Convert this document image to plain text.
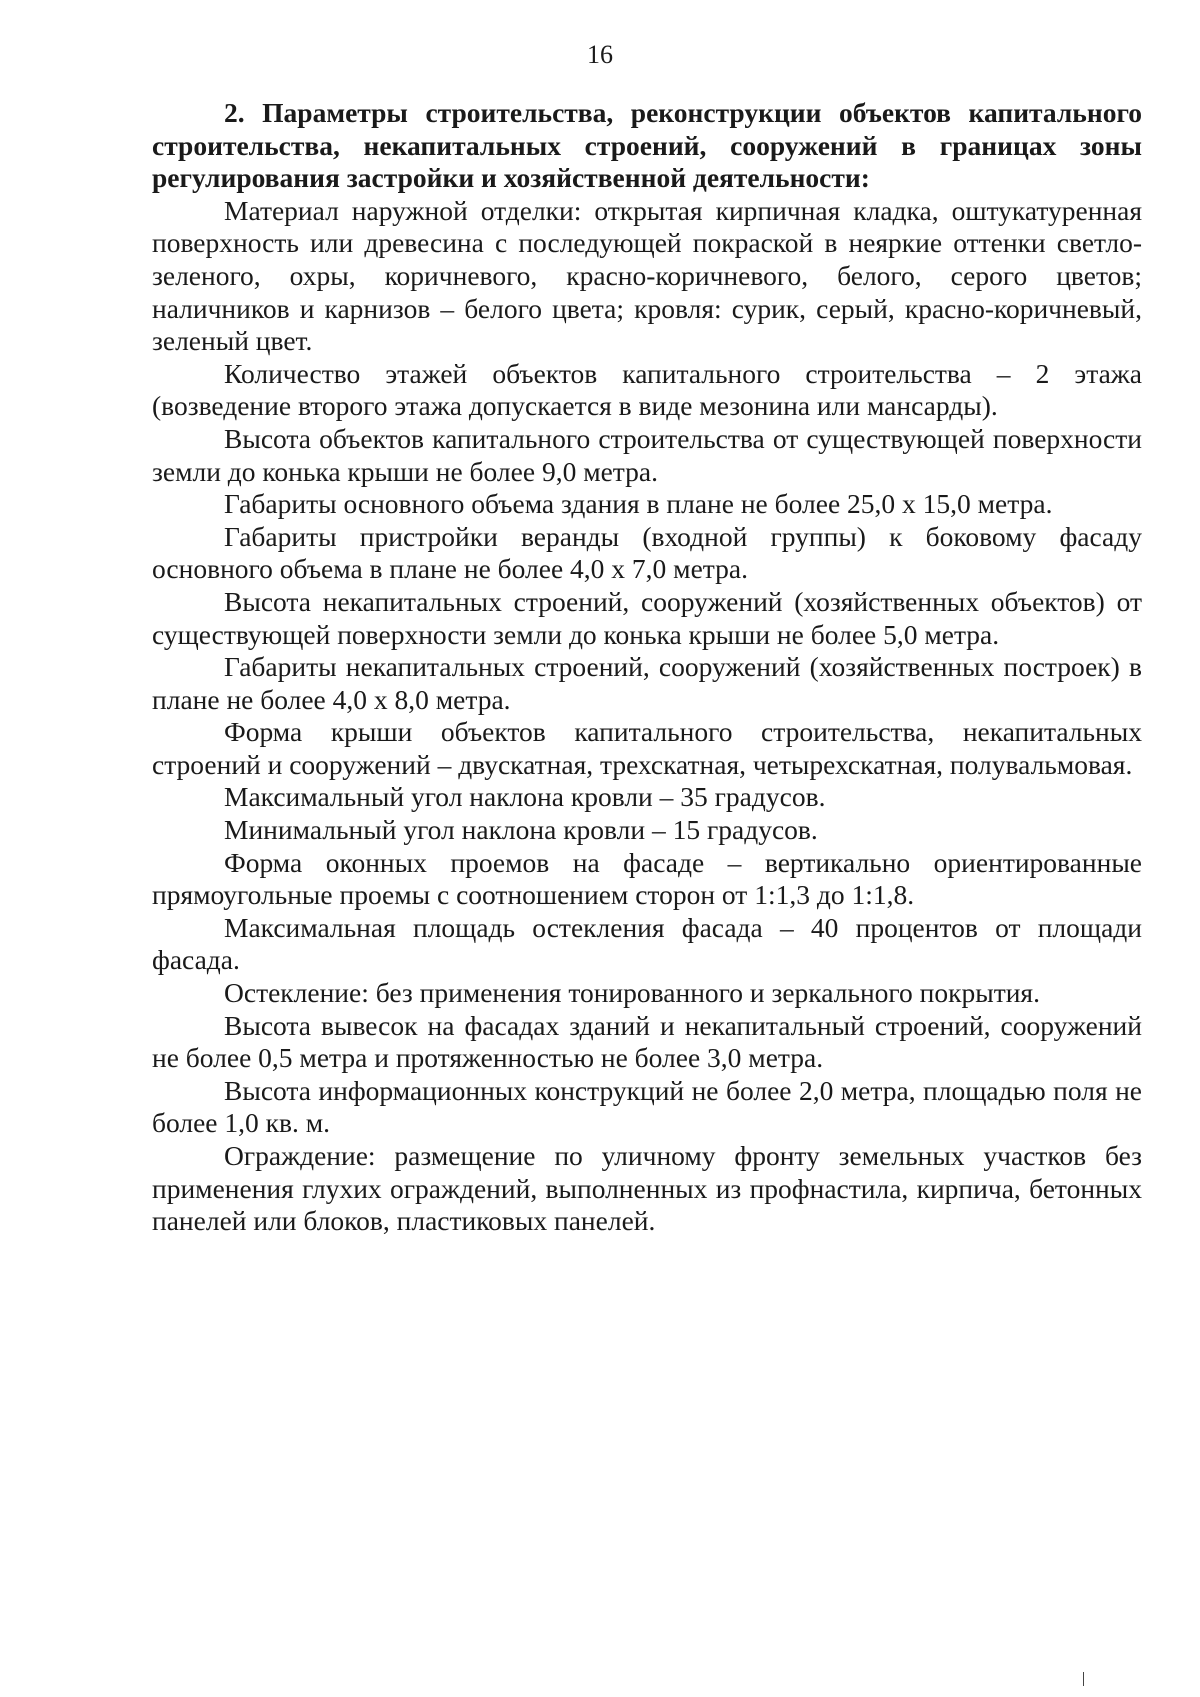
16

2. Параметры строительства, реконструкции объектов капитального строительства, некапитальных строений, сооружений в границах зоны регулирования застройки и хозяйственной деятельности:

Материал наружной отделки: открытая кирпичная кладка, оштукатуренная поверхность или древесина с последующей покраской в неяркие оттенки светло-зеленого, охры, коричневого, красно-коричневого, белого, серого цветов; наличников и карнизов – белого цвета; кровля: сурик, серый, красно-коричневый, зеленый цвет.

Количество этажей объектов капитального строительства – 2 этажа (возведение второго этажа допускается в виде мезонина или мансарды).

Высота объектов капитального строительства от существующей поверхности земли до конька крыши не более 9,0 метра.

Габариты основного объема здания в плане не более 25,0 х 15,0 метра.

Габариты пристройки веранды (входной группы) к боковому фасаду основного объема в плане не более 4,0 х 7,0 метра.

Высота некапитальных строений, сооружений (хозяйственных объектов) от существующей поверхности земли до конька крыши не более 5,0 метра.

Габариты некапитальных строений, сооружений (хозяйственных построек) в плане не более 4,0 х 8,0 метра.

Форма крыши объектов капитального строительства, некапитальных строений и сооружений – двускатная, трехскатная, четырехскатная, полувальмовая.

Максимальный угол наклона кровли – 35 градусов.

Минимальный угол наклона кровли – 15 градусов.

Форма оконных проемов на фасаде – вертикально ориентированные прямоугольные проемы с соотношением сторон от 1:1,3 до 1:1,8.

Максимальная площадь остекления фасада – 40 процентов от площади фасада.

Остекление: без применения тонированного и зеркального покрытия.

Высота вывесок на фасадах зданий и некапитальный строений, сооружений не более 0,5 метра и протяженностью не более 3,0 метра.

Высота информационных конструкций не более 2,0 метра, площадью поля не более 1,0 кв. м.

Ограждение: размещение по уличному фронту земельных участков без применения глухих ограждений, выполненных из профнастила, кирпича, бетонных панелей или блоков, пластиковых панелей.
